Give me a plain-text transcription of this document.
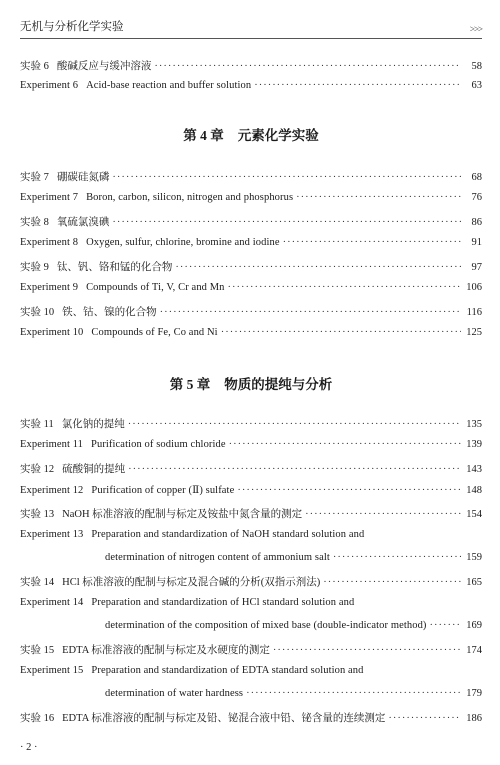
无机与分析化学实验	>>>
实验 6 酸碱反应与缓冲溶液 ·····	58
Experiment 6 Acid-base reaction and buffer solution ·····	63
第 4 章 元素化学实验
实验 7 硼碳硅氮磷 ·····	68
Experiment 7 Boron, carbon, silicon, nitrogen and phosphorus ·····	76
实验 8 氧硫氯溴碘 ·····	86
Experiment 8 Oxygen, sulfur, chlorine, bromine and iodine ·····	91
实验 9 钛、钒、铬和锰的化合物 ·····	97
Experiment 9 Compounds of Ti, V, Cr and Mn ·····	106
实验 10 铁、钴、镍的化合物 ·····	116
Experiment 10 Compounds of Fe, Co and Ni ·····	125
第 5 章 物质的提纯与分析
实验 11 氯化钠的提纯 ·····	135
Experiment 11 Purification of sodium chloride ·····	139
实验 12 硫酸铜的提纯 ·····	143
Experiment 12 Purification of copper (Ⅱ) sulfate ·····	148
实验 13 NaOH 标准溶液的配制与标定及铵盐中氮含量的测定 ·····	154
Experiment 13 Preparation and standardization of NaOH standard solution and
determination of nitrogen content of ammonium salt ·····	159
实验 14 HCl 标准溶液的配制与标定及混合碱的分析(双指示剂法) ·····	165
Experiment 14 Preparation and standardization of HCl standard solution and
determination of the composition of mixed base (double-indicator method) ·····	169
实验 15 EDTA 标准溶液的配制与标定及水硬度的测定 ·····	174
Experiment 15 Preparation and standardization of EDTA standard solution and
determination of water hardness ·····	179
实验 16 EDTA 标准溶液的配制与标定及铅、铋混合液中铅、铋含量的连续测定 ·····	186
· 2 ·
